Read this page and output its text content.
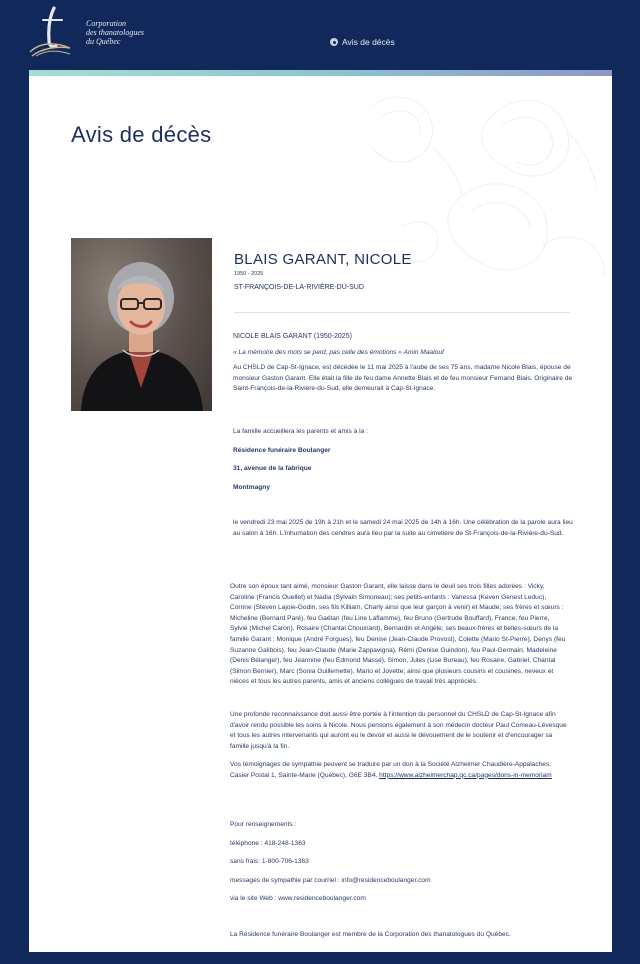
Corporation
des thanatologues
du Québec	Avis de décès
Avis de décès
BLAIS GARANT, NICOLE
1950 - 2025
ST-FRANÇOIS-DE-LA-RIVIÈRE-DU-SUD

NICOLE BLAIS GARANT (1950-2025)

« La mémoire des mots se perd, pas celle des émotions » Amin Maalouf

Au CHSLD de Cap-St-Ignace, est décédée le 11 mai 2025 à l'aube de ses 75 ans, madame Nicole Blais, épouse de monsieur Gaston Garant. Elle était la fille de feu dame Annette Blais et de feu monsieur Fernand Blais. Originaire de Saint-François-de-la-Rivière-du-Sud, elle demeurait à Cap-St-Ignace.

La famille accueillera les parents et amis à la :

Résidence funéraire Boulanger

31, avenue de la fabrique

Montmagny

le vendredi 23 mai 2025 de 19h à 21h et le samedi 24 mai 2025 de 14h à 16h. Une célébration de la parole aura lieu au salon à 16h. L'inhumation des cendres aura lieu par la suite au cimetière de St-François-de-la-Rivière-du-Sud.
Outre son époux tant aimé, monsieur Gaston Garant, elle laisse dans le deuil ses trois filles adorées : Vicky, Caroline (Francis Ouellet) et Nadia (Sylvain Simoneau); ses petits-enfants : Vanessa (Keven Genest Leduc), Corrine (Steven Lajoie-Godin, ses fils Killiam, Charly ainsi que leur garçon à venir) et Maude; ses frères et sœurs : Micheline (Bernard Paré), feu Gaétan (feu Line Laflamme), feu Bruno (Gertrude Bouffard), France, feu Pierre, Sylvie (Michel Caron), Rosaire (Chantal Chouinard), Bernardin et Angèle; ses beaux-frères et belles-sœurs de la famille Garant : Monique (André Forgues), feu Denise (Jean-Claude Provost), Colette (Mario St-Pierre), Denys (feu Suzanne Galibois), feu Jean-Claude (Marie Zappavigna), Rémi (Denise Guindon), feu Paul-Germain, Madeleine (Denis Bélanger), feu Jeannine (feu Edmond Massé), Simon, Jules (Lise Bureau), feu Rosaire, Gabriel, Chantal (Simon Bernier), Marc (Sonia Guillemette), Mario et Jovette; ainsi que plusieurs cousins et cousines, neveux et nièces et tous les autres parents, amis et anciens collègues de travail très appréciés.
Une profonde reconnaissance doit aussi être portée à l'intention du personnel du CHSLD de Cap-St-Ignace afin d'avoir rendu possible les soins à Nicole. Nous pensons également à son médecin docteur Paul Comeau-Lévesque et tous les autres intervenants qui auront eu le devoir et aussi le dévouement de le soutenir et d'encourager sa famille jusqu'à la fin.
Vos témoignages de sympathie peuvent se traduire par un don à la Société Alzheimer Chaudière-Appalaches, Casier Postal 1, Sainte-Marie (Québec), G6E 3B4. https://www.alzheimerchap.qc.ca/pages/dons-in-memoriam

Pour renseignements :

téléphone : 418-248-1363

sans frais: 1-800-706-1363

messages de sympathie par courriel : info@residenceboulanger.com

via le site Web : www.residenceboulanger.com

La Résidence funéraire Boulanger est membre de la Corporation des thanatologues du Québec.
